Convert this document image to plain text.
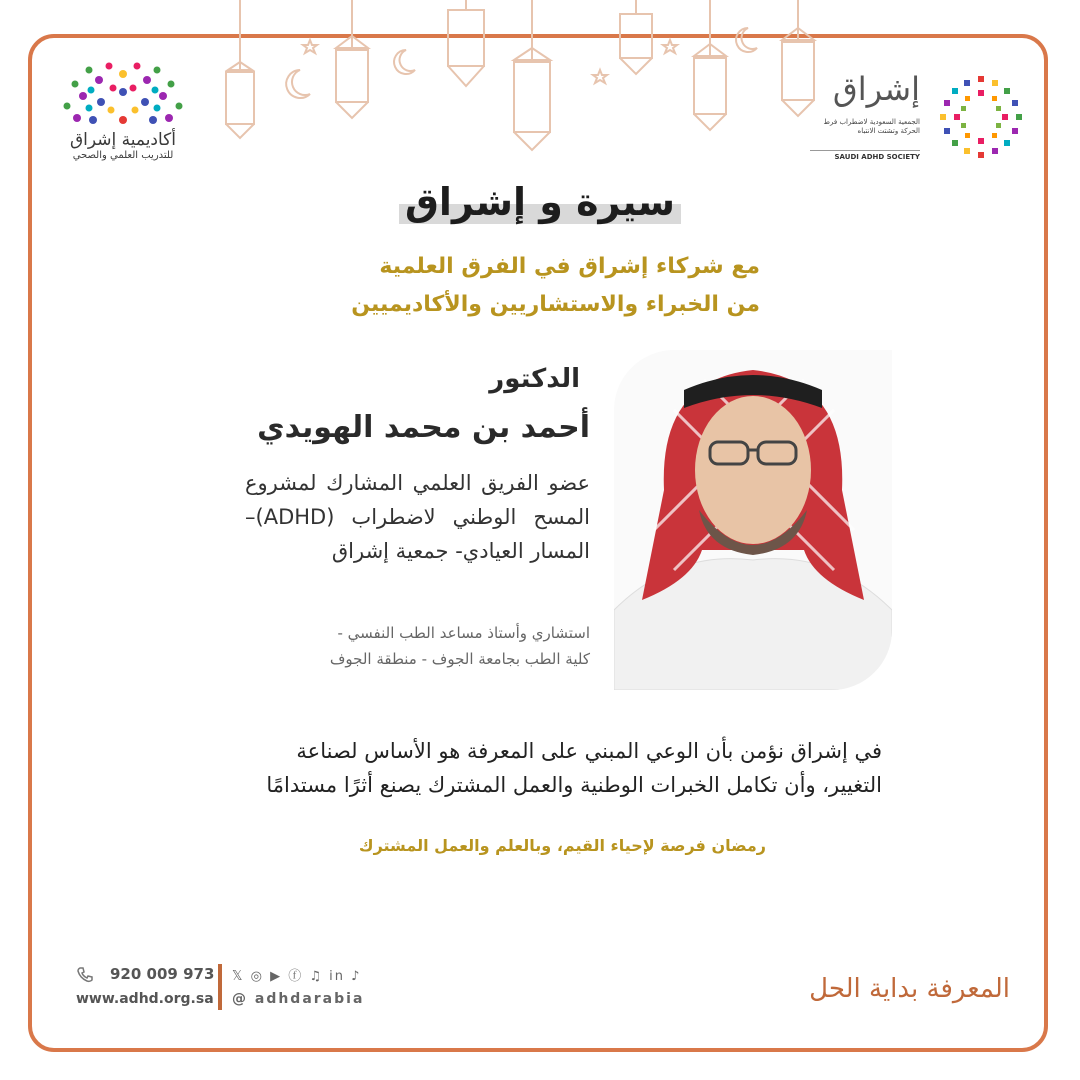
أكاديمية إشراق
للتدريب العلمي والصحي
إشراق
الجمعية السعودية لاضطراب فرط الحركة وتشتت الانتباه
SAUDI ADHD SOCIETY
سيرة و إشراق
مع شركاء إشراق في الفرق العلمية
من الخبراء والاستشاريين والأكاديميين
الدكتور
أحمد بن محمد الهويدي
عضو الفريق العلمي المشارك لمشروع المسح الوطني لاضطراب (ADHD)– المسار العيادي- جمعية إشراق
استشاري وأستاذ مساعد الطب النفسي -
كلية الطب بجامعة الجوف - منطقة الجوف
في إشراق نؤمن بأن الوعي المبني على المعرفة هو الأساس لصناعة
التغيير، وأن تكامل الخبرات الوطنية والعمل المشترك يصنع أثرًا مستدامًا
رمضان فرصة لإحياء القيم، وبالعلم والعمل المشترك
920 009 973
www.adhd.org.sa
𝕏 ◎ ▶ ⓕ ♫ in ♪
@ adhdarabia	المعرفة بداية الحل
